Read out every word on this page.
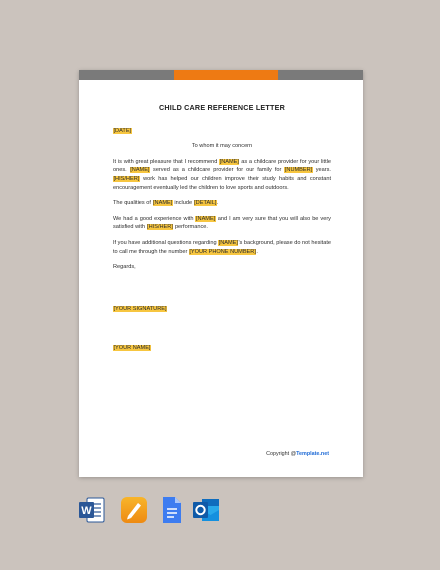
CHILD CARE REFERENCE LETTER
[DATE]
To whom it may concern
It is with great pleasure that I recommend [NAME] as a childcare provider for your little ones. [NAME] served as a childcare provider for our family for [NUMBER] years. [HIS/HER] work has helped our children improve their study habits and constant encouragement eventually led the children to love sports and outdoors.
The qualities of [NAME] include [DETAIL].
We had a good experience with [NAME] and I am very sure that you will also be very satisfied with [HIS/HER] performance.
If you have additional questions regarding [NAME]'s background, please do not hesitate to call me through the number [YOUR PHONE NUMBER].
Regards,
[YOUR SIGNATURE]
[YOUR NAME]
Copyright @Template.net
W
